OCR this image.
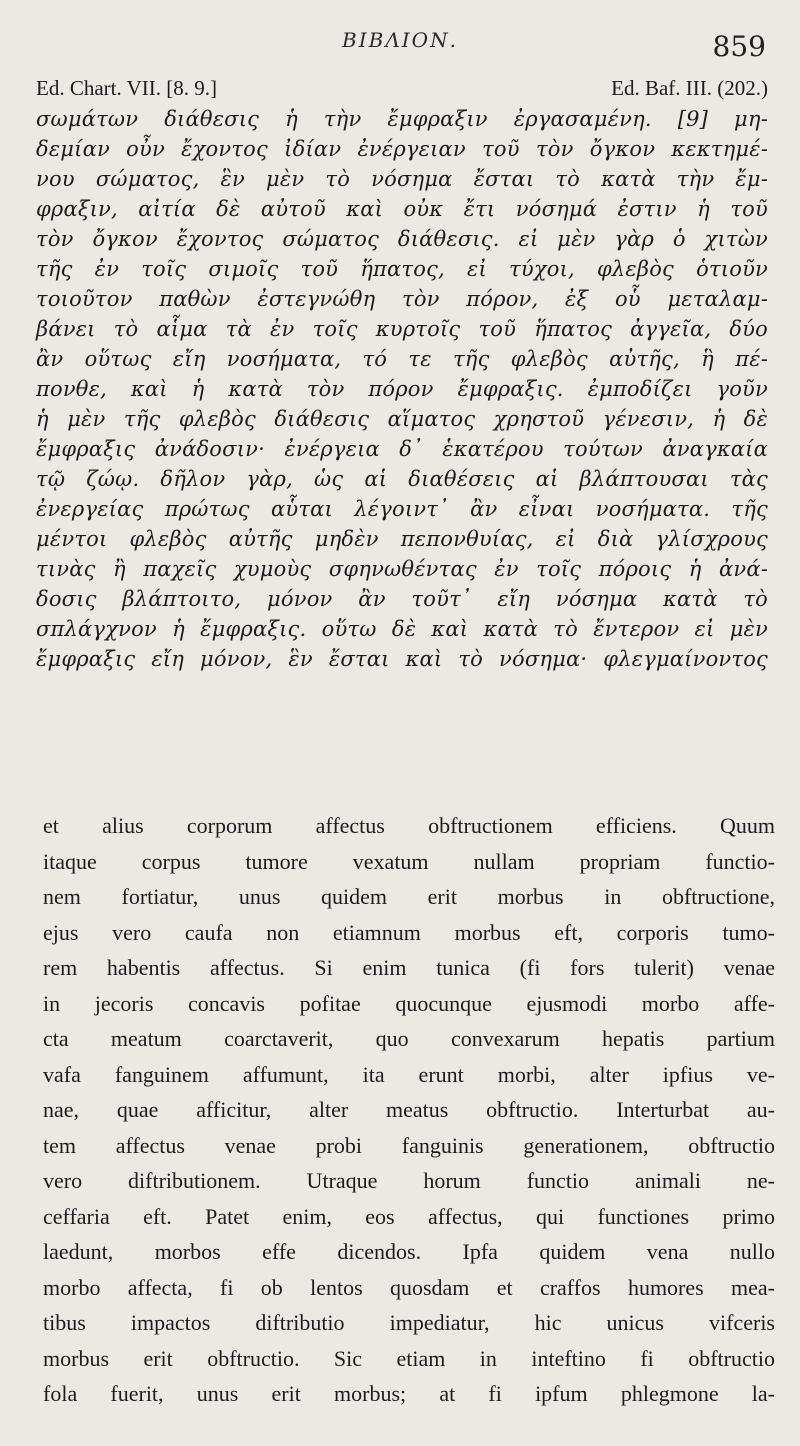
ΒΙΒΛΙΟΝ.	859
Ed. Chart. VII. [8. 9.]	Ed. Baf. III. (202.)
σωμάτων διάθεσις ἡ τὴν ἔμφραξιν ἐργασαμένη. [9] μη-
δεμίαν οὖν ἔχοντος ἰδίαν ἐνέργειαν τοῦ τὸν ὄγκον κεκτημέ-
νου σώματος, ἓν μὲν τὸ νόσημα ἔσται τὸ κατὰ τὴν ἔμ-
φραξιν, αἰτία δὲ αὐτοῦ καὶ οὐκ ἔτι νόσημά ἐστιν ἡ τοῦ
τὸν ὄγκον ἔχοντος σώματος διάθεσις. εἰ μὲν γὰρ ὁ χιτὼν
τῆς ἐν τοῖς σιμοῖς τοῦ ἥπατος, εἰ τύχοι, φλεβὸς ὁτιοῦν
τοιοῦτον παθὼν ἐστεγνώθη τὸν πόρον, ἐξ οὗ μεταλαμ-
βάνει τὸ αἷμα τὰ ἐν τοῖς κυρτοῖς τοῦ ἥπατος ἀγγεῖα, δύο
ἂν οὕτως εἴη νοσήματα, τό τε τῆς φλεβὸς αὐτῆς, ἣ πέ-
πονθε, καὶ ἡ κατὰ τὸν πόρον ἔμφραξις. ἐμποδίζει γοῦν
ἡ μὲν τῆς φλεβὸς διάθεσις αἵματος χρηστοῦ γένεσιν, ἡ δὲ
ἔμφραξις ἀνάδοσιν· ἐνέργεια δ᾽ ἑκατέρου τούτων ἀναγκαία
τῷ ζώῳ. δῆλον γὰρ, ὡς αἱ διαθέσεις αἱ βλάπτουσαι τὰς
ἐνεργείας πρώτως αὗται λέγοιντ᾽ ἂν εἶναι νοσήματα. τῆς
μέντοι φλεβὸς αὐτῆς μηδὲν πεπονθυίας, εἰ διὰ γλίσχρους
τινὰς ἢ παχεῖς χυμοὺς σφηνωθέντας ἐν τοῖς πόροις ἡ ἀνά-
δοσις βλάπτοιτο, μόνον ἂν τοῦτ᾽ εἴη νόσημα κατὰ τὸ
σπλάγχνον ἡ ἔμφραξις. οὕτω δὲ καὶ κατὰ τὸ ἔντερον εἰ μὲν
ἔμφραξις εἴη μόνον, ἓν ἔσται καὶ τὸ νόσημα· φλεγμαίνοντος
et alius corporum affectus obftructionem efficiens. Quum
itaque corpus tumore vexatum nullam propriam functio-
nem fortiatur, unus quidem erit morbus in obftructione,
ejus vero caufa non etiamnum morbus eft, corporis tumo-
rem habentis affectus. Si enim tunica (fi fors tulerit) venae
in jecoris concavis pofitae quocunque ejusmodi morbo affe-
cta meatum coarctaverit, quo convexarum hepatis partium
vafa fanguinem affumunt, ita erunt morbi, alter ipfius ve-
nae, quae afficitur, alter meatus obftructio. Interturbat au-
tem affectus venae probi fanguinis generationem, obftructio
vero diftributionem. Utraque horum functio animali ne-
ceffaria eft. Patet enim, eos affectus, qui functiones primo
laedunt, morbos effe dicendos. Ipfa quidem vena nullo
morbo affecta, fi ob lentos quosdam et craffos humores mea-
tibus impactos diftributio impediatur, hic unicus vifceris
morbus erit obftructio. Sic etiam in inteftino fi obftructio
fola fuerit, unus erit morbus; at fi ipfum phlegmone la-
